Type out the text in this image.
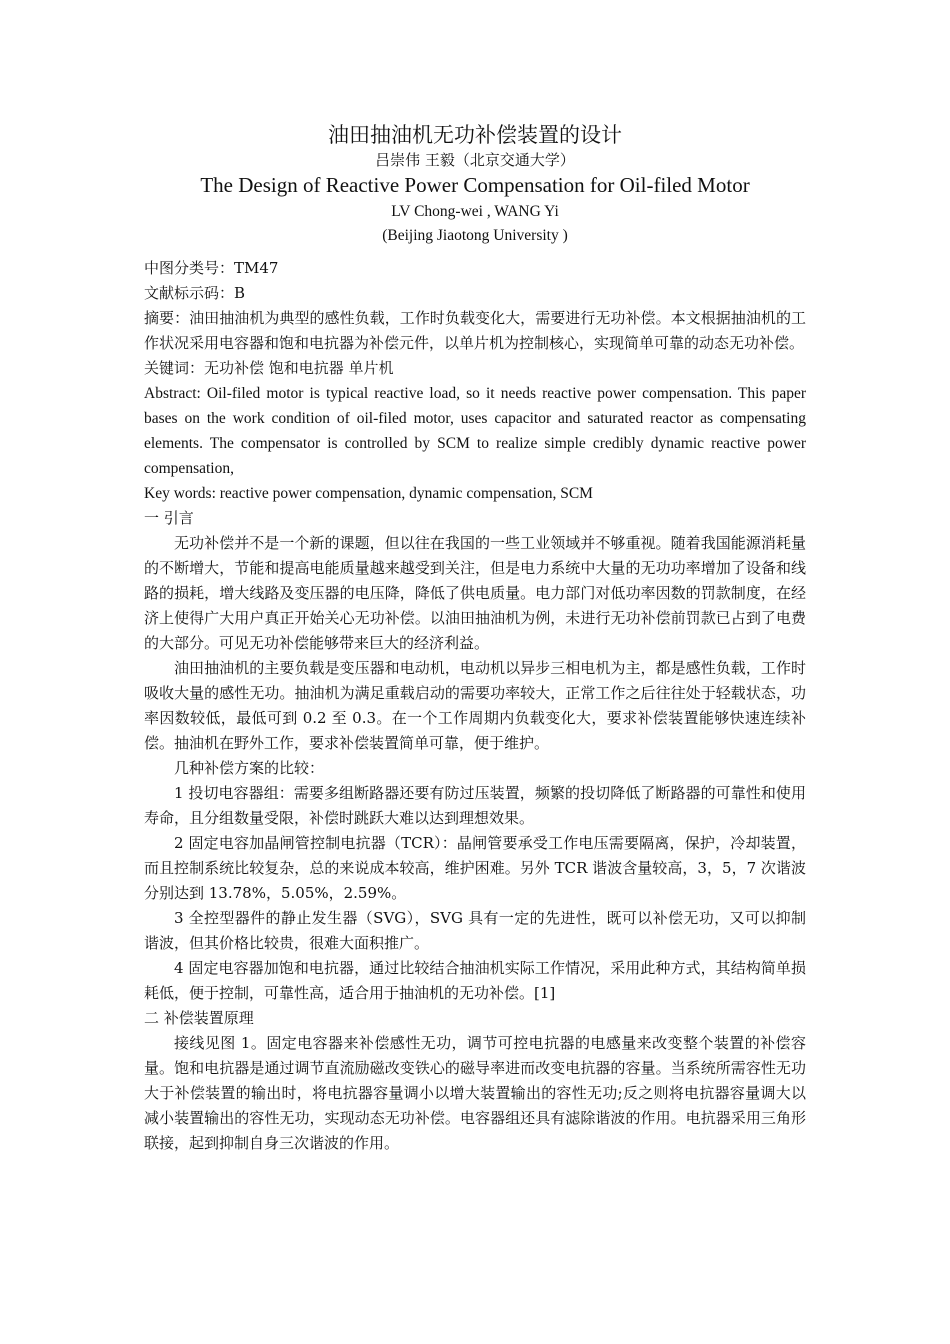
油田抽油机无功补偿装置的设计

吕崇伟 王毅（北京交通大学）

The Design of Reactive Power Compensation for Oil-filed Motor

LV Chong-wei , WANG Yi

(Beijing Jiaotong University )

中图分类号：TM47

文献标示码：B

摘要：油田抽油机为典型的感性负载，工作时负载变化大，需要进行无功补偿。本文根据抽油机的工作状况采用电容器和饱和电抗器为补偿元件，以单片机为控制核心，实现简单可靠的动态无功补偿。

关键词：无功补偿 饱和电抗器 单片机

Abstract: Oil-filed motor is typical reactive load, so it needs reactive power compensation. This paper bases on the work condition of oil-filed motor, uses capacitor and saturated reactor as compensating elements. The compensator is controlled by SCM to realize simple credibly dynamic reactive power compensation,

Key words: reactive power compensation, dynamic compensation, SCM

一 引言

无功补偿并不是一个新的课题，但以往在我国的一些工业领域并不够重视。随着我国能源消耗量的不断增大，节能和提高电能质量越来越受到关注，但是电力系统中大量的无功功率增加了设备和线路的损耗，增大线路及变压器的电压降，降低了供电质量。电力部门对低功率因数的罚款制度，在经济上使得广大用户真正开始关心无功补偿。以油田抽油机为例，未进行无功补偿前罚款已占到了电费的大部分。可见无功补偿能够带来巨大的经济利益。

油田抽油机的主要负载是变压器和电动机，电动机以异步三相电机为主，都是感性负载，工作时吸收大量的感性无功。抽油机为满足重载启动的需要功率较大，正常工作之后往往处于轻载状态，功率因数较低，最低可到 0.2 至 0.3。在一个工作周期内负载变化大，要求补偿装置能够快速连续补偿。抽油机在野外工作，要求补偿装置简单可靠，便于维护。

几种补偿方案的比较：

1 投切电容器组：需要多组断路器还要有防过压装置，频繁的投切降低了断路器的可靠性和使用寿命，且分组数量受限，补偿时跳跃大难以达到理想效果。

2 固定电容加晶闸管控制电抗器（TCR）：晶闸管要承受工作电压需要隔离，保护，冷却装置，而且控制系统比较复杂，总的来说成本较高，维护困难。另外 TCR 谐波含量较高，3，5，7 次谐波分别达到 13.78%，5.05%，2.59%。

3 全控型器件的静止发生器（SVG），SVG 具有一定的先进性，既可以补偿无功，又可以抑制谐波，但其价格比较贵，很难大面积推广。

4 固定电容器加饱和电抗器，通过比较结合抽油机实际工作情况，采用此种方式，其结构简单损耗低，便于控制，可靠性高，适合用于抽油机的无功补偿。[1]

二 补偿装置原理

接线见图 1。固定电容器来补偿感性无功，调节可控电抗器的电感量来改变整个装置的补偿容量。饱和电抗器是通过调节直流励磁改变铁心的磁导率进而改变电抗器的容量。当系统所需容性无功大于补偿装置的输出时，将电抗器容量调小以增大装置输出的容性无功;反之则将电抗器容量调大以减小装置输出的容性无功，实现动态无功补偿。电容器组还具有滤除谐波的作用。电抗器采用三角形联接，起到抑制自身三次谐波的作用。
